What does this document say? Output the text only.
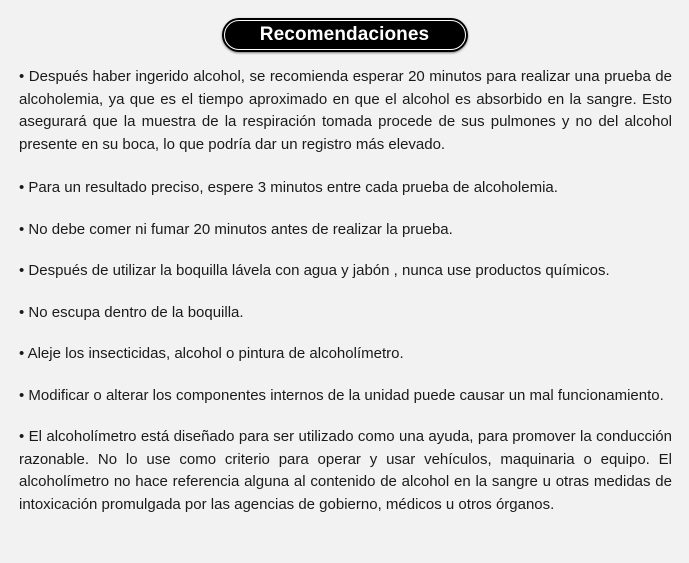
Recomendaciones

• Después haber ingerido alcohol, se recomienda esperar 20 minutos para realizar una prueba de alcoholemia, ya que es el tiempo aproximado en que el alcohol es absorbido en la sangre. Esto asegurará que la muestra de la respiración tomada procede de sus pulmones y no del alcohol presente en su boca, lo que podría dar un registro más elevado.

• Para un resultado preciso, espere 3 minutos entre cada prueba de alcoholemia.

• No debe comer ni fumar 20 minutos antes de realizar la prueba.

• Después de utilizar la boquilla lávela con agua y jabón , nunca use productos químicos.

• No escupa dentro de la boquilla.

• Aleje los insecticidas, alcohol o pintura de alcoholímetro.

• Modificar o alterar los componentes internos de la unidad puede causar un mal funcionamiento.

• El alcoholímetro está diseñado para ser utilizado como una ayuda, para promover la conducción razonable. No lo use como criterio para operar y usar vehículos, maquinaria o equipo. El alcoholímetro no hace referencia alguna al contenido de alcohol en la sangre u otras medidas de intoxicación promulgada por las agencias de gobierno, médicos u otros órganos.
